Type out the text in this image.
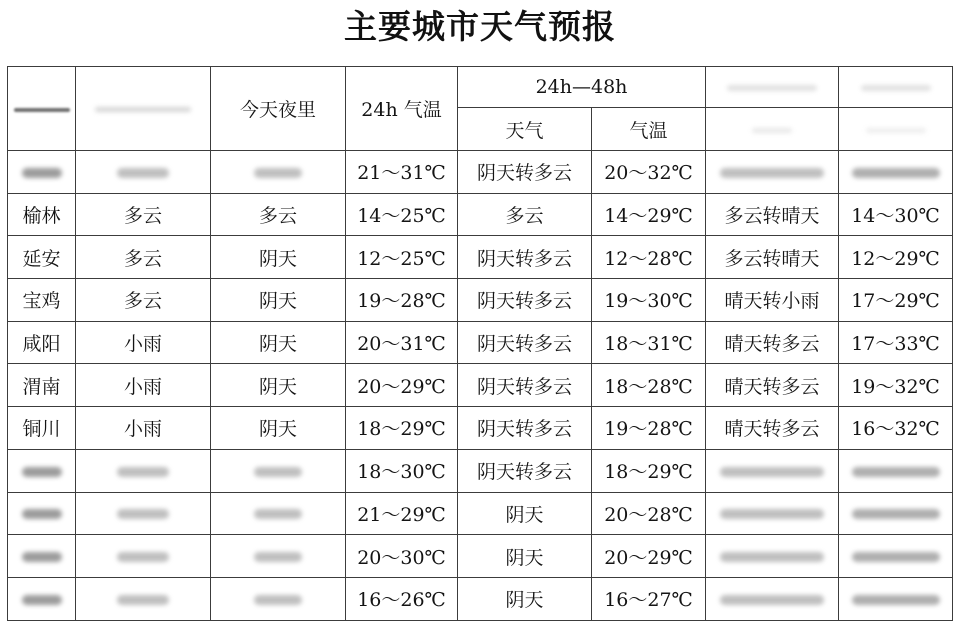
主要城市天气预报
		今天夜里	24h 气温	24h—48h			
				天气	气温		
			21～31℃	阴天转多云	20～32℃		
榆林	多云	多云	14～25℃	多云	14～29℃	多云转晴天	14～30℃
延安	多云	阴天	12～25℃	阴天转多云	12～28℃	多云转晴天	12～29℃
宝鸡	多云	阴天	19～28℃	阴天转多云	19～30℃	晴天转小雨	17～29℃
咸阳	小雨	阴天	20～31℃	阴天转多云	18～31℃	晴天转多云	17～33℃
渭南	小雨	阴天	20～29℃	阴天转多云	18～28℃	晴天转多云	19～32℃
铜川	小雨	阴天	18～29℃	阴天转多云	19～28℃	晴天转多云	16～32℃
			18～30℃	阴天转多云	18～29℃		
			21～29℃	阴天	20～28℃		
			20～30℃	阴天	20～29℃		
			16～26℃	阴天	16～27℃		
